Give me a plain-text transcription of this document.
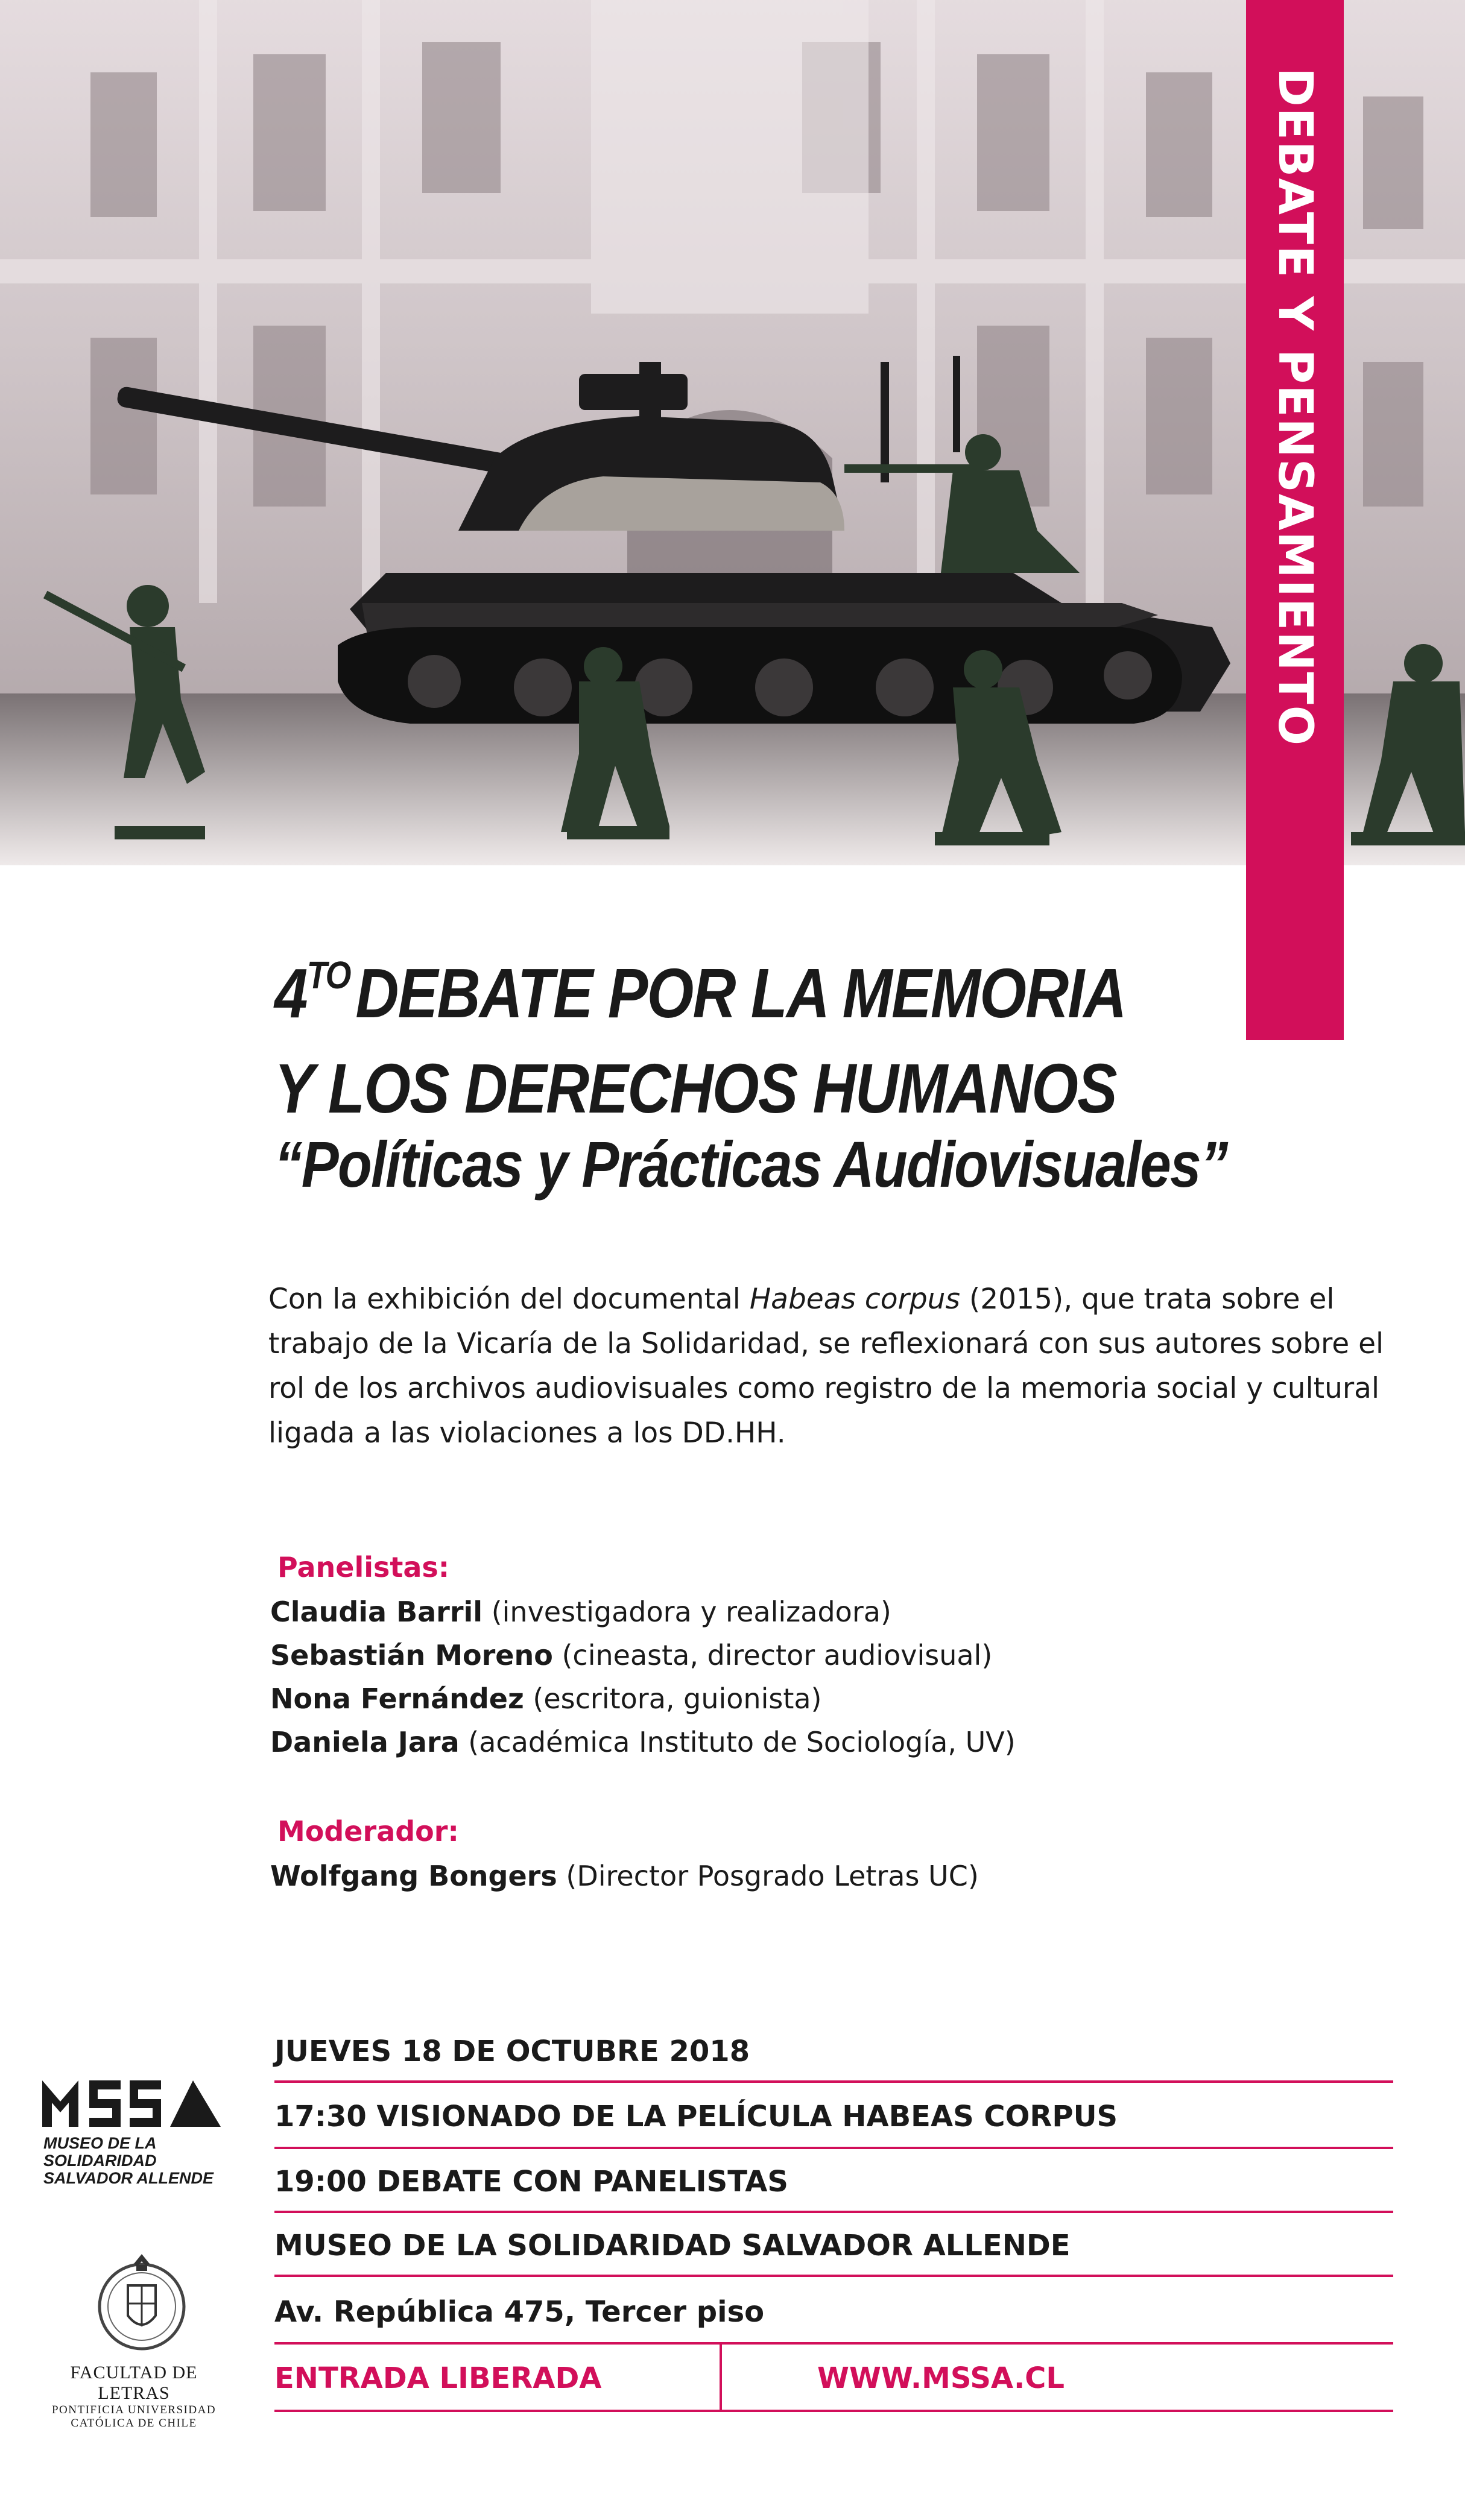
DEBATE Y PENSAMIENTO
$4^{TO}DEBATE$ POR LA MEMORIA
Y LOS DERECHOS HUMANOS
“Políticas y Prácticas Audiovisuales”

Con la exhibición del documental Habeas corpus (2015), que trata sobre el trabajo de la Vicaría de la Solidaridad, se reflexionará con sus autores sobre el rol de los archivos audiovisuales como registro de la memoria social y cultural ligada a las violaciones a los DD.HH.

Panelistas:
Claudia Barril (investigadora y realizadora)
Sebastián Moreno (cineasta, director audiovisual)
Nona Fernández (escritora, guionista)
Daniela Jara (académica Instituto de Sociología, UV)
Moderador:
Wolfgang Bongers (Director Posgrado Letras UC)
JUEVES 18 DE OCTUBRE 2018
17:30 VISIONADO DE LA PELÍCULA HABEAS CORPUS
19:00 DEBATE CON PANELISTAS
MUSEO DE LA SOLIDARIDAD SALVADOR ALLENDE
Av. República 475, Tercer piso
ENTRADA LIBERADA	WWW.MSSA.CL
MUSEO DE LA
SOLIDARIDAD
SALVADOR ALLENDE
FACULTAD DE LETRAS
PONTIFICIA UNIVERSIDAD
CATÓLICA DE CHILE
